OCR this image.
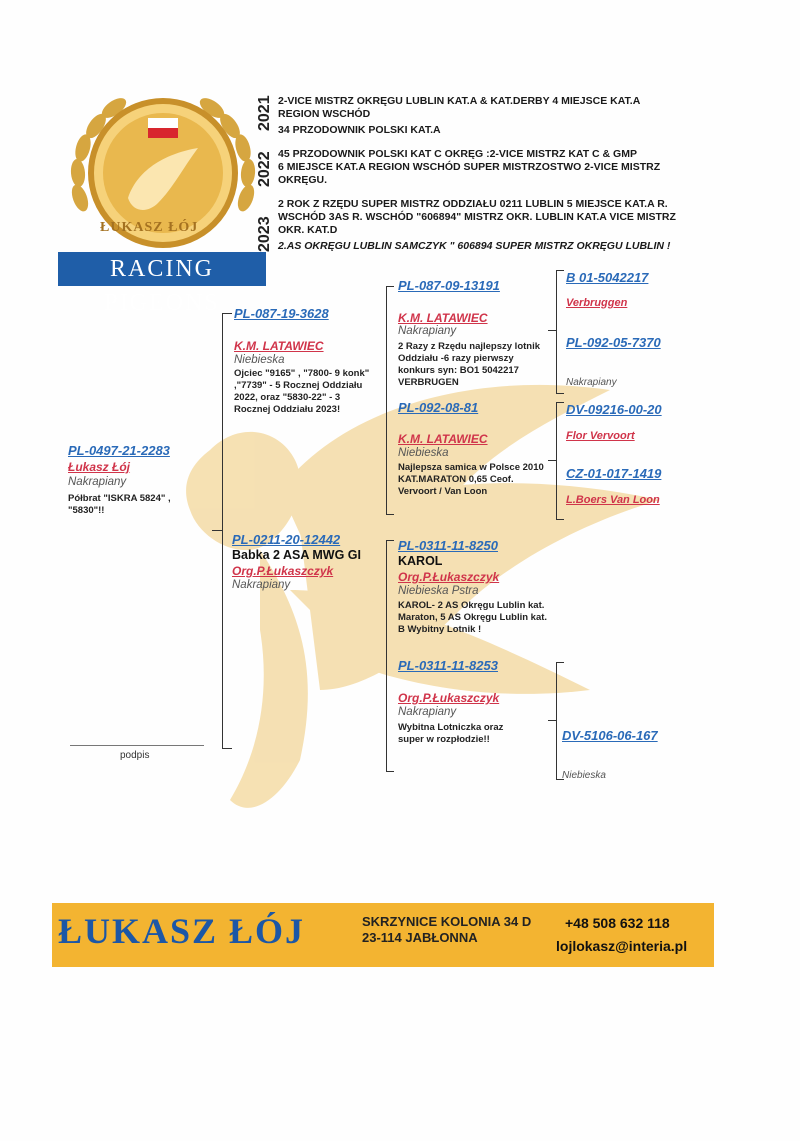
ŁUKASZ ŁÓJ
RACING PIGEONS
2021 2-VICE MISTRZ OKRĘGU LUBLIN KAT.A & KAT.DERBY 4 MIEJSCE KAT.A
REGION WSCHÓD
34 PRZODOWNIK POLSKI KAT.A
2022 45 PRZODOWNIK POLSKI KAT C OKRĘG :2-VICE MISTRZ KAT C & GMP
6 MIEJSCE KAT.A REGION WSCHÓD SUPER MISTRZOSTWO 2-VICE MISTRZ
OKRĘGU.
2023
2 ROK Z RZĘDU SUPER MISTRZ ODDZIAŁU 0211 LUBLIN 5 MIEJSCE KAT.A R.
WSCHÓD 3AS R. WSCHÓD "606894" MISTRZ OKR. LUBLIN KAT.A VICE MISTRZ
OKR. KAT.D
2.AS OKRĘGU LUBLIN SAMCZYK " 606894 SUPER MISTRZ OKRĘGU LUBLIN !
PL-0497-21-2283
Łukasz Łój
Nakrapiany
Półbrat "ISKRA 5824" , "5830"!!
PL-087-19-3628
K.M. LATAWIEC
Niebieska
Ojciec "9165" , "7800- 9 konk" ,"7739" - 5 Rocznej Oddziału 2022, oraz "5830-22" - 3 Rocznej Oddziału 2023!
PL-0211-20-12442
Babka 2 ASA MWG GI
Org.P.Łukaszczyk
Nakrapiany
PL-087-09-13191
K.M. LATAWIEC
Nakrapiany
2 Razy z Rzędu najlepszy lotnik Oddziału -6 razy pierwszy konkurs syn: BO1 5042217 VERBRUGEN
PL-092-08-81
K.M. LATAWIEC
Niebieska
Najlepsza samica w Polsce 2010 KAT.MARATON 0,65 Ceof. Vervoort / Van Loon
PL-0311-11-8250
KAROL
Org.P.Łukaszczyk
Niebieska Pstra
KAROL- 2 AS Okręgu Lublin kat. Maraton, 5 AS Okręgu Lublin kat. B Wybitny Lotnik !
PL-0311-11-8253
Org.P.Łukaszczyk
Nakrapiany
Wybitna Lotniczka oraz super w rozpłodzie!!
B 01-5042217
Verbruggen
PL-092-05-7370
Nakrapiany
DV-09216-00-20
Flor Vervoort
CZ-01-017-1419
L.Boers Van Loon
DV-5106-06-167
Niebieska
podpis
ŁUKASZ ŁÓJ	SKRZYNICE KOLONIA 34 D
23-114 JABŁONNA
+48 508 632 118
lojlokasz@interia.pl
